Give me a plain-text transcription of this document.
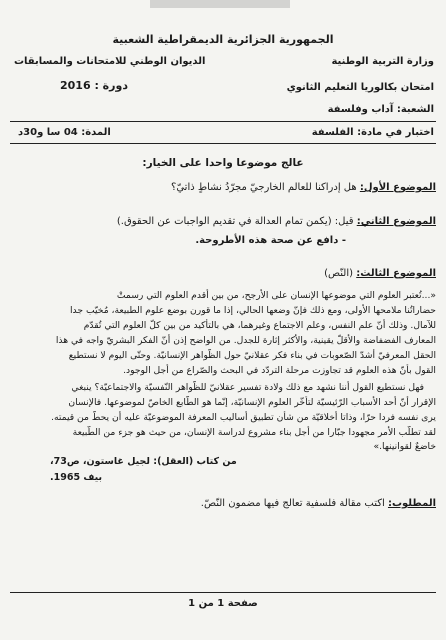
الجمهورية الجزائرية الديمقراطية الشعبية
وزارة التربية الوطنية
الديوان الوطني للامتحانات والمسابقات
امتحان بكالوريا التعليم الثانوي
دورة : 2016
الشعبة: آداب وفلسفة
اختبار في مادة: الفلسفة
المدة: 04 سا و30د
عالج موضوعا واحدا على الخيار:
الموضوع الأول: هل إدراكنا للعالم الخارجيّ مجرّدُ نشاطٍ ذاتيّ؟
الموضوع الثاني: قيل: (يكمن تمام العدالة في تقديم الواجبات عن الحقوق.)
- دافع عن صحة هذه الأطروحة.
الموضوع الثالث: (النّص)
«...تُعتبر العلوم التي موضوعها الإنسان على الأرجح، من بين أقدم العلوم التي رسمتْ
حضاراتُنا ملامحها الأولى، ومع ذلك فإنّ وضعها الحالي، إذا ما قورن بوضع علوم الطبيعة، مُخيّب جدا
للآمال. وذلك أنّ علم النفس، وعلم الاجتماع وغيرهما، هي بالتأكيد من بين كلّ العلوم التي تُقدّم
المعارف الفضفاضة والأقلّ يقينية، والأكثر إثارة للجدل. من الواضح إذن أنّ الفكر البشريّ واجه في هذا
الحقل المعرفيّ أشدّ الصّعوبات في بناء فكر عقلانيّ حول الظّواهر الإنسانيّة. وحتّى اليوم لا نستطيع
القول بأنّ هذه العلوم قد تجاوزت مرحلة التردّد في البحث والصّراع من أجل الوجود.
فهل نستطيع القول أننا نشهد مع ذلك ولادة تفسير عقلانيّ للظّواهر النّفسيّة والاجتماعيّة؟ ينبغي
الإقرار أنّ أحد الأسباب الرّئيسيّة لتأخّر العلوم الإنسانيّة، إنّما هو الطّابع الخاصّ لموضوعها. فالإنسان
يرى نفسه فردا حرّا، وذاتا أخلاقيّة من شأن تطبيق أساليب المعرفة الموضوعيّة عليه أن يحطّ من قيمته.
لقد تطلّب الأمر مجهودا جبّارا من أجل بناء مشروع لدراسة الإنسان، من حيث هو جزء من الطّبيعة
خاضعٌ لقوانينها.»
من كتاب (العقل): لجيل غاستون، ص73،
بيف 1965.
المطلوب: اكتب مقالة فلسفية تعالج فيها مضمون النّصّ.
صفحة 1 من 1
